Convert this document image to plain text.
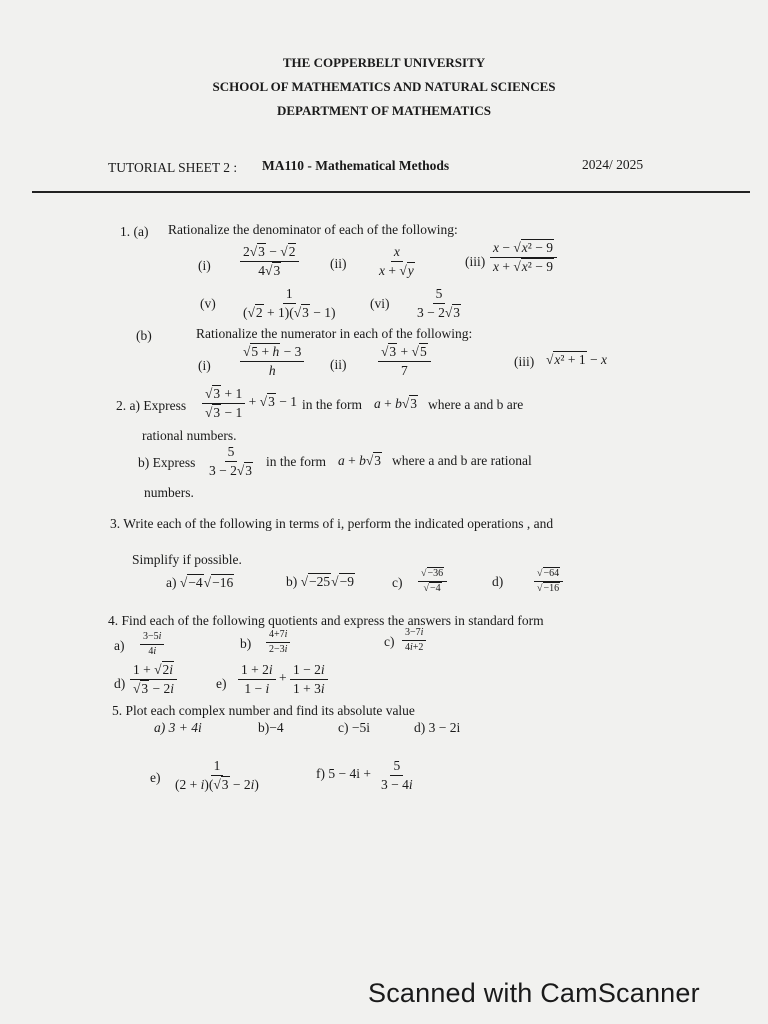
THE COPPERBELT UNIVERSITY
SCHOOL OF MATHEMATICS AND NATURAL SCIENCES
DEPARTMENT OF MATHEMATICS
TUTORIAL SHEET 2 : MA110 - Mathematical Methods	2024/ 2025
1. (a) Rationalize the denominator of each of the following:
$(i) \frac{2√3 - √2}{4√3} (ii) \frac{x}{x + √y}$	$(iii) \frac{\text{x − √x² − 9}}{\text{x + √x² − 9}}$
$(v) \frac{1}{(√2 + 1)(√3 - 1)} (vi) \frac{5}{3 - 2√3}$
(b)	Rationalize the numerator in each of the following:
$(i) \frac{√5 + h - 3}{h} (ii) \frac{√3 + √5}{7}$	(iii) √x² + 1 − x
2. a) Express $\frac{√3 + 1}{√3 - 1} + √3 - 1$ in the form a + b√3 where a and b are
rational numbers.
b) Express $\frac{5}{3 - 2√3}$ in the form a + b√3 where a and b are rational
numbers.
3. Write each of the following in terms of i, perform the indicated operations , and
Simplify if possible.
a) √−4√−16	b) √−25√−9	$c) \frac{√-36}{√-4}$	d)	$\frac{√-64}{√-16}$
4. Find each of the following quotients and express the answers in standard form
$a) \frac{3-5i}{4i}$	$b) \frac{4+7i}{2-3i}$	$c) \frac{3-7i}{4i+2}$
$d) \frac{1 + √2i}{√3 - 2i}$	$e) \frac{1 + 2i}{1 - i} + \frac{1 - 2i}{1 + 3i}$
5. Plot each complex number and find its absolute value
a) 3 + 4i	b)−4	c) −5i	d) 3 − 2i
$e) \frac{1}{(2 + i)(√3 - 2i)}$	f) $5 - 4i + \frac{5}{3 - 4i}$
Scanned with CamScanner
